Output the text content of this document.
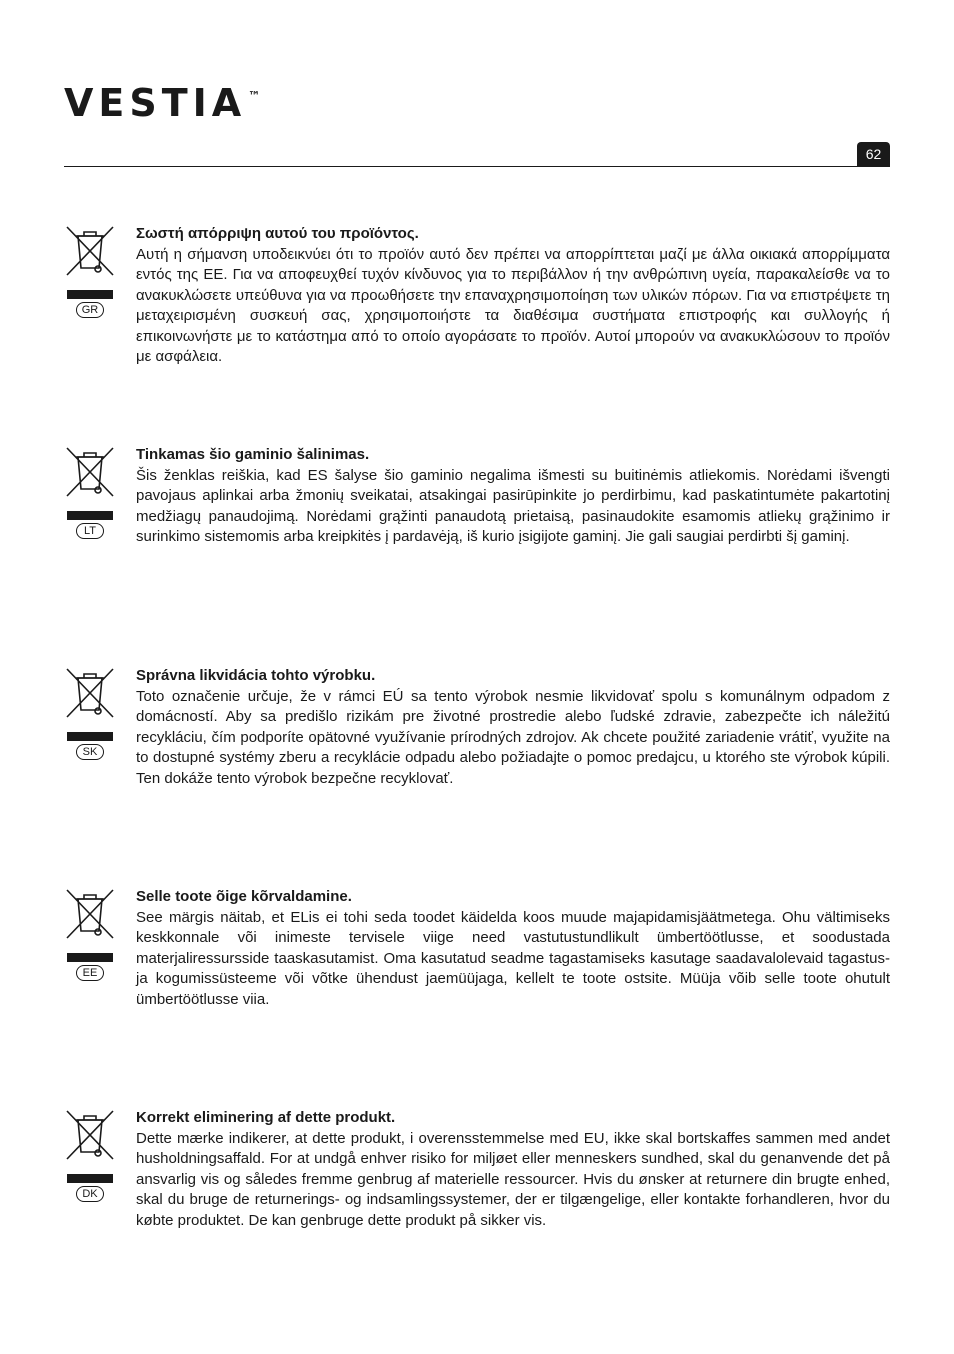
VESTIA ™
62
GR
Σωστή απόρριψη αυτού του προϊόντος.

Αυτή η σήμανση υποδεικνύει ότι το προϊόν αυτό δεν πρέπει να απορρίπτεται μαζί με άλλα οικιακά απορρίμματα εντός της ΕΕ. Για να αποφευχθεί τυχόν κίνδυνος για το περιβάλλον ή την ανθρώπινη υγεία, παρακαλείσθε να το ανακυκλώσετε υπεύθυνα για να προωθήσετε την επαναχρησιμοποίηση των υλικών πόρων. Για να επιστρέψετε τη μεταχειρισμένη συσκευή σας, χρησιμοποιήστε τα διαθέσιμα συστήματα επιστροφής και συλλογής ή επικοινωνήστε με το κατάστημα από το οποίο αγοράσατε το προϊόν. Αυτοί μπορούν να ανακυκλώσουν το προϊόν με ασφάλεια.

LT
Tinkamas šio gaminio šalinimas.

Šis ženklas reiškia, kad ES šalyse šio gaminio negalima išmesti su buitinėmis atliekomis. Norėdami išvengti pavojaus aplinkai arba žmonių sveikatai, atsakingai pasirūpinkite jo perdirbimu, kad paskatintumėte pakartotinį medžiagų panaudojimą. Norėdami grąžinti panaudotą prietaisą, pasinaudokite esamomis atliekų grąžinimo ir surinkimo sistemomis arba kreipkitės į pardavėją, iš kurio įsigijote gaminį. Jie gali saugiai perdirbti šį gaminį.

SK
Správna likvidácia tohto výrobku.

Toto označenie určuje, že v rámci EÚ sa tento výrobok nesmie likvidovať spolu s komunálnym odpadom z domácností. Aby sa predišlo rizikám pre životné prostredie alebo ľudské zdravie, zabezpečte ich náležitú recykláciu, čím podporíte opätovné využívanie prírodných zdrojov. Ak chcete použité zariadenie vrátiť, využite na to dostupné systémy zberu a recyklácie odpadu alebo požiadajte o pomoc predajcu, u ktorého ste výrobok kúpili. Ten dokáže tento výrobok bezpečne recyklovať.

EE
Selle toote õige kõrvaldamine.

See märgis näitab, et ELis ei tohi seda toodet käidelda koos muude majapidamisjäätmetega. Ohu vältimiseks keskkonnale või inimeste tervisele viige need vastutustundlikult ümbertöötlusse, et soodustada materjaliressursside taaskasutamist. Oma kasutatud seadme tagastamiseks kasutage saadavalolevaid tagastus- ja kogumissüsteeme või võtke ühendust jaemüüjaga, kellelt te toote ostsite. Müüja võib selle toote ohutult ümbertöötlusse viia.

DK
Korrekt eliminering af dette produkt.

Dette mærke indikerer, at dette produkt, i overensstemmelse med EU, ikke skal bortskaffes sammen med andet husholdningsaffald. For at undgå enhver risiko for miljøet eller menneskers sundhed, skal du genanvende det på ansvarlig vis og således fremme genbrug af materielle ressourcer. Hvis du ønsker at returnere din brugte enhed, skal du bruge de returnerings- og indsamlingssystemer, der er tilgængelige, eller kontakte forhandleren, hvor du købte produktet. De kan genbruge dette produkt på sikker vis.
